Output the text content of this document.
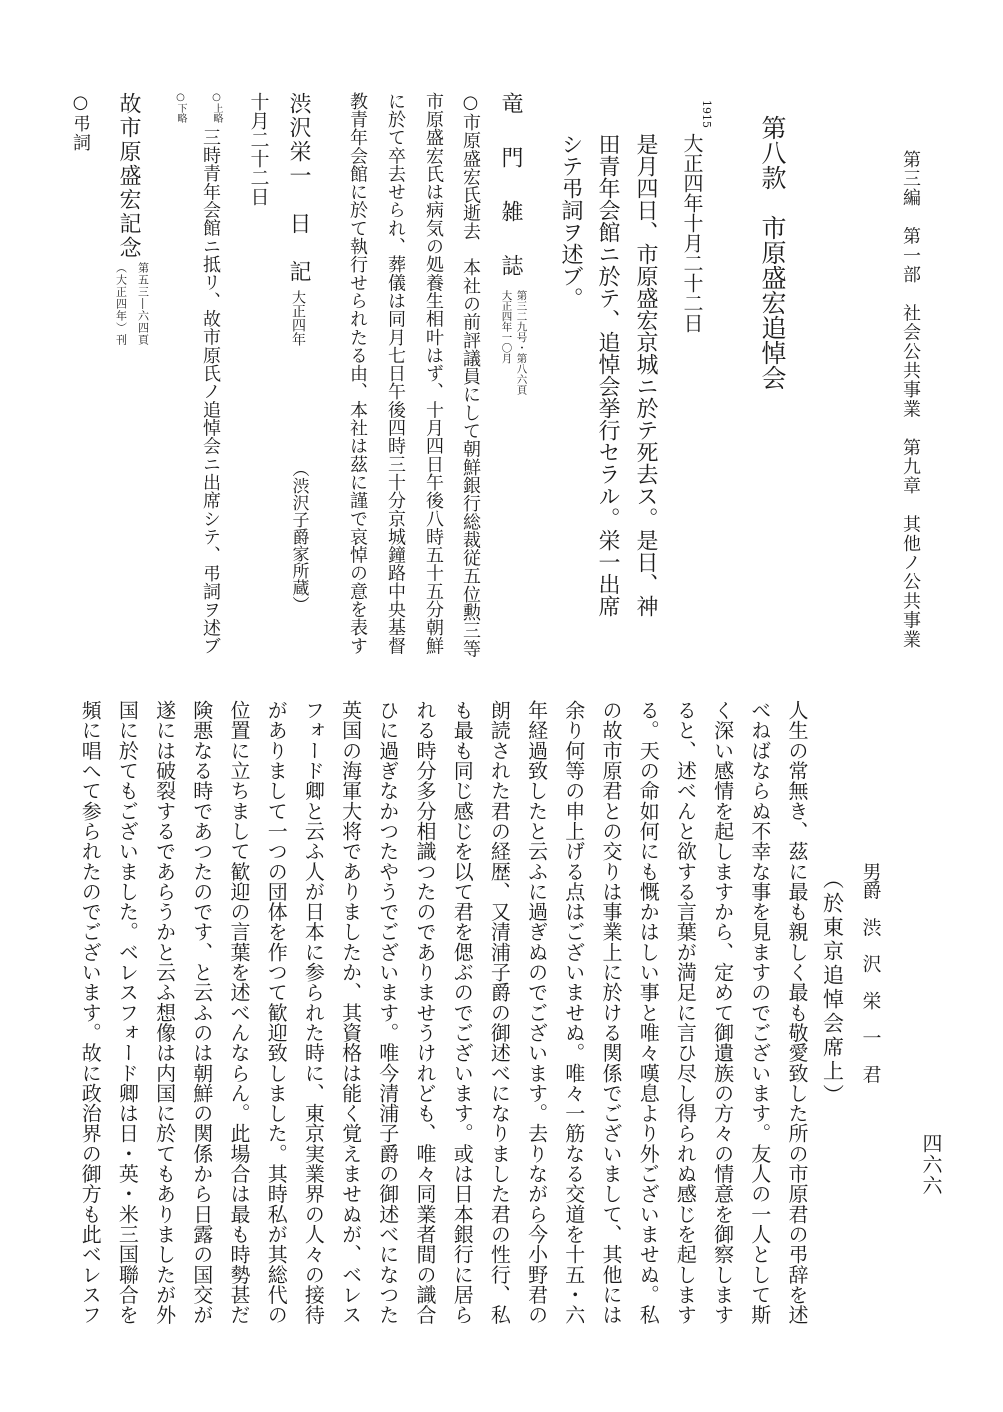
第三編　第一部　社会公共事業　第九章　其他ノ公共事業

四六六

第八款　市原盛宏追悼会

1915

大正四年十月二十二日

是月四日、市原盛宏京城ニ於テ死去ス。是日、神

田青年会館ニ於テ、追悼会挙行セラル。栄一出席

シテ弔詞ヲ述ブ。

竜　門　雑　誌

第三二九号・第八六頁

大正四年一〇月

○市原盛宏氏逝去　本社の前評議員にして朝鮮銀行総裁従五位勲三等

市原盛宏氏は病気の処養生相叶はず、十月四日午後八時五十五分朝鮮

に於て卒去せられ、葬儀は同月七日午後四時三十分京城鐘路中央基督

教青年会館に於て執行せられたる由、本社は茲に謹で哀悼の意を表す

渋沢栄一　日　記

大正四年

（渋沢子爵家所蔵）

十月二十二日

○上略

三時青年会館ニ抵リ、故市原氏ノ追悼会ニ出席シテ、弔詞ヲ述ブ

○下略

故市原盛宏記念

第五三―六四頁

（大正四年）刊

○弔詞

男爵　渋　沢　栄　一　君

（於東京追悼会席上）

人生の常無き、茲に最も親しく最も敬愛致した所の市原君の弔辞を述

べねばならぬ不幸な事を見ますのでございます。友人の一人として斯

く深い感情を起しますから、定めて御遺族の方々の情意を御察します

ると、述べんと欲する言葉が満足に言ひ尽し得られぬ感じを起します

る。天の命如何にも慨かはしい事と唯々嘆息より外ございませぬ。私

の故市原君との交りは事業上に於ける関係でございまして、其他には

余り何等の申上げる点はございませぬ。唯々一筋なる交道を十五・六

年経過致したと云ふに過ぎぬのでございます。去りながら今小野君の

朗読された君の経歴、又清浦子爵の御述べになりました君の性行、私

も最も同じ感じを以て君を偲ぶのでございます。或は日本銀行に居ら

れる時分多分相識つたのでありませうけれども、唯々同業者間の識合

ひに過ぎなかつたやうでございます。唯今清浦子爵の御述べになつた

英国の海軍大将でありましたか、其資格は能く覚えませぬが、ベレス

フォード卿と云ふ人が日本に参られた時に、東京実業界の人々の接待

がありまして一つの団体を作つて歓迎致しました。其時私が其総代の

位置に立ちまして歓迎の言葉を述べんならん。此場合は最も時勢甚だ

険悪なる時であつたのです、と云ふのは朝鮮の関係から日露の国交が

遂には破裂するであらうかと云ふ想像は内国に於てもありましたが外

国に於てもございました。ベレスフォード卿は日・英・米三国聯合を

頻に唱へて参られたのでございます。故に政治界の御方も此ベレスフ
